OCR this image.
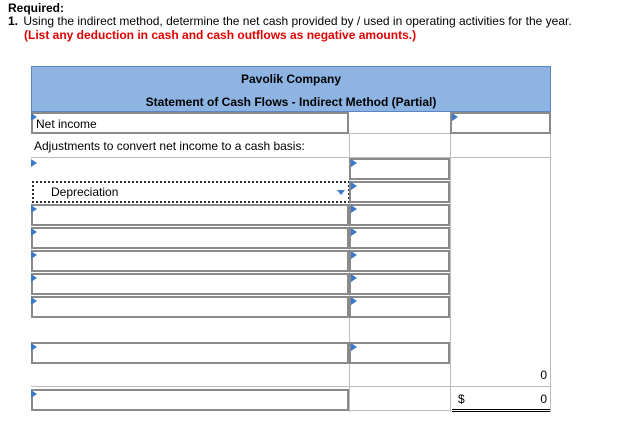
Required:
1. Using the indirect method, determine the net cash provided by / used in operating activities for the year.
(List any deduction in cash and cash outflows as negative amounts.)
Pavolik Company
Statement of Cash Flows - Indirect Method (Partial)
Net income
Adjustments to convert net income to a cash basis:
Depreciation
0
$	0
